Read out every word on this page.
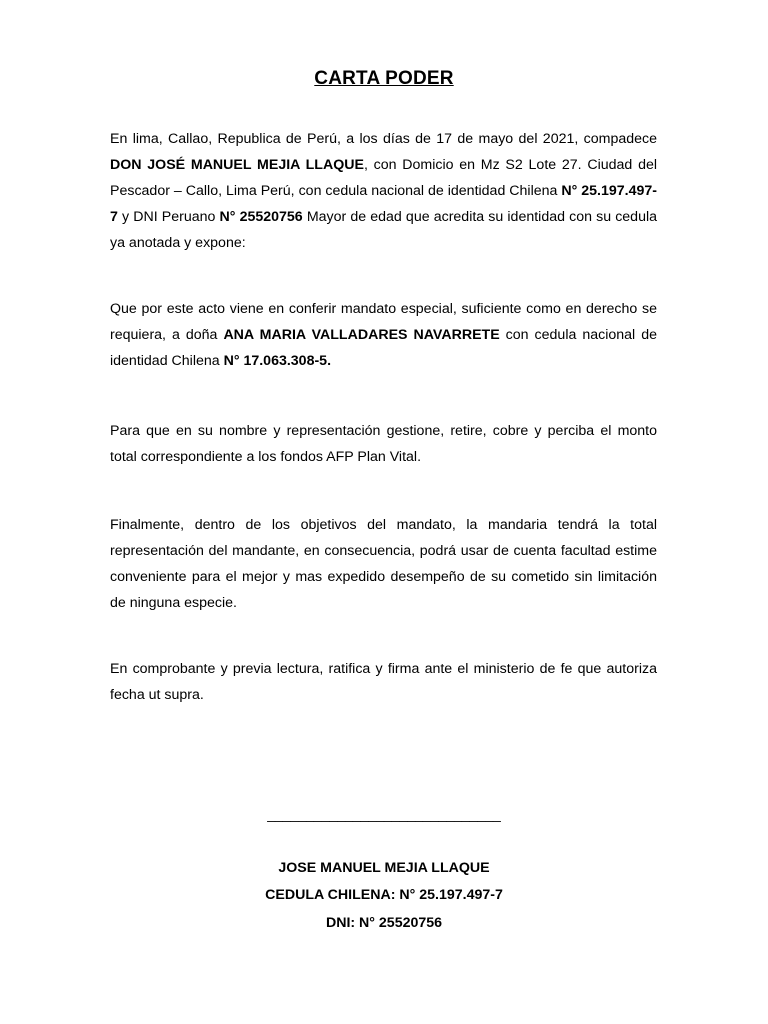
CARTA PODER

En lima, Callao, Republica de Perú, a los días de 17 de mayo del 2021, compadece DON JOSÉ MANUEL MEJIA LLAQUE, con Domicio en Mz S2 Lote 27. Ciudad del Pescador – Callo, Lima Perú, con cedula nacional de identidad Chilena N° 25.197.497-7 y DNI Peruano N° 25520756 Mayor de edad que acredita su identidad con su cedula ya anotada y expone:

Que por este acto viene en conferir mandato especial, suficiente como en derecho se requiera, a doña ANA MARIA VALLADARES NAVARRETE con cedula nacional de identidad Chilena N° 17.063.308-5.

Para que en su nombre y representación gestione, retire, cobre y perciba el monto total correspondiente a los fondos AFP Plan Vital.

Finalmente, dentro de los objetivos del mandato, la mandaria tendrá la total representación del mandante, en consecuencia, podrá usar de cuenta facultad estime conveniente para el mejor y mas expedido desempeño de su cometido sin limitación de ninguna especie.

En comprobante y previa lectura, ratifica y firma ante el ministerio de fe que autoriza fecha ut supra.

______________________________
JOSE MANUEL MEJIA LLAQUE
CEDULA CHILENA: N° 25.197.497-7
DNI: N° 25520756
